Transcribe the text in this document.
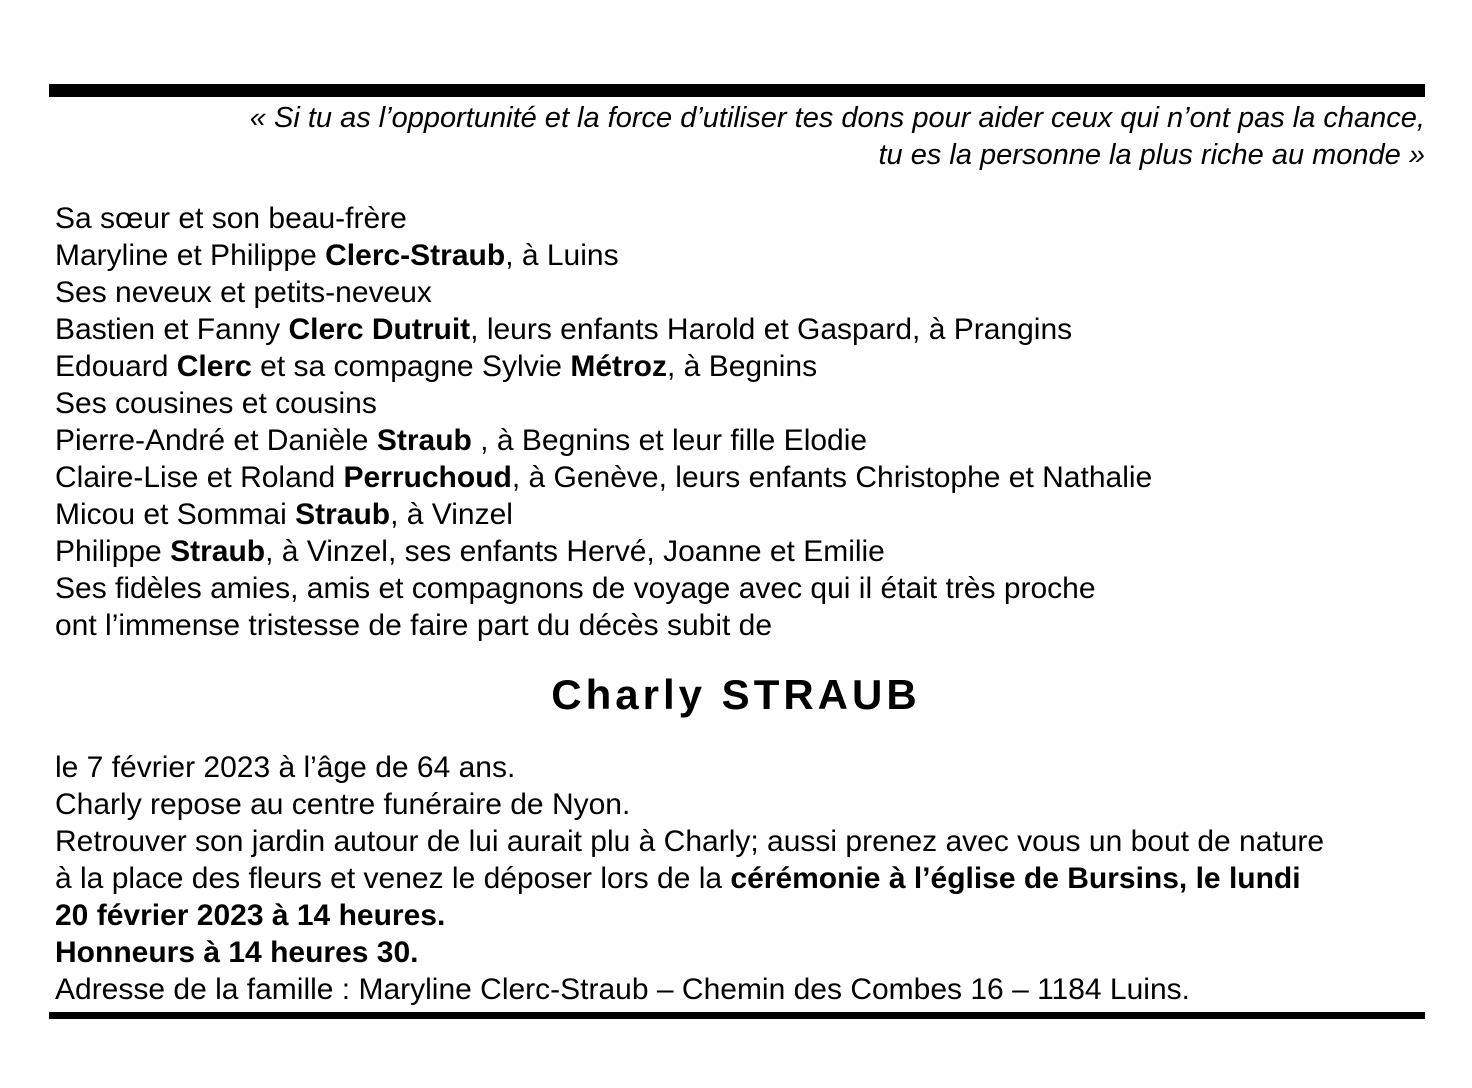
« Si tu as l’opportunité et la force d’utiliser tes dons pour aider ceux qui n’ont pas la chance,
tu es la personne la plus riche au monde »
Sa sœur et son beau-frère
Maryline et Philippe Clerc-Straub, à Luins
Ses neveux et petits-neveux
Bastien et Fanny Clerc Dutruit, leurs enfants Harold et Gaspard, à Prangins
Edouard Clerc et sa compagne Sylvie Métroz, à Begnins
Ses cousines et cousins
Pierre-André et Danièle Straub , à Begnins et leur fille Elodie
Claire-Lise et Roland Perruchoud, à Genève, leurs enfants Christophe et Nathalie
Micou et Sommai Straub, à Vinzel
Philippe Straub, à Vinzel, ses enfants Hervé, Joanne et Emilie
Ses fidèles amies, amis et compagnons de voyage avec qui il était très proche
ont l’immense tristesse de faire part du décès subit de
Charly STRAUB
le 7 février 2023 à l’âge de 64 ans.
Charly repose au centre funéraire de Nyon.
Retrouver son jardin autour de lui aurait plu à Charly; aussi prenez avec vous un bout de nature
à la place des fleurs et venez le déposer lors de la cérémonie à l’église de Bursins, le lundi
20 février 2023 à 14 heures.
Honneurs à 14 heures 30.
Adresse de la famille : Maryline Clerc-Straub – Chemin des Combes 16 – 1184 Luins.
